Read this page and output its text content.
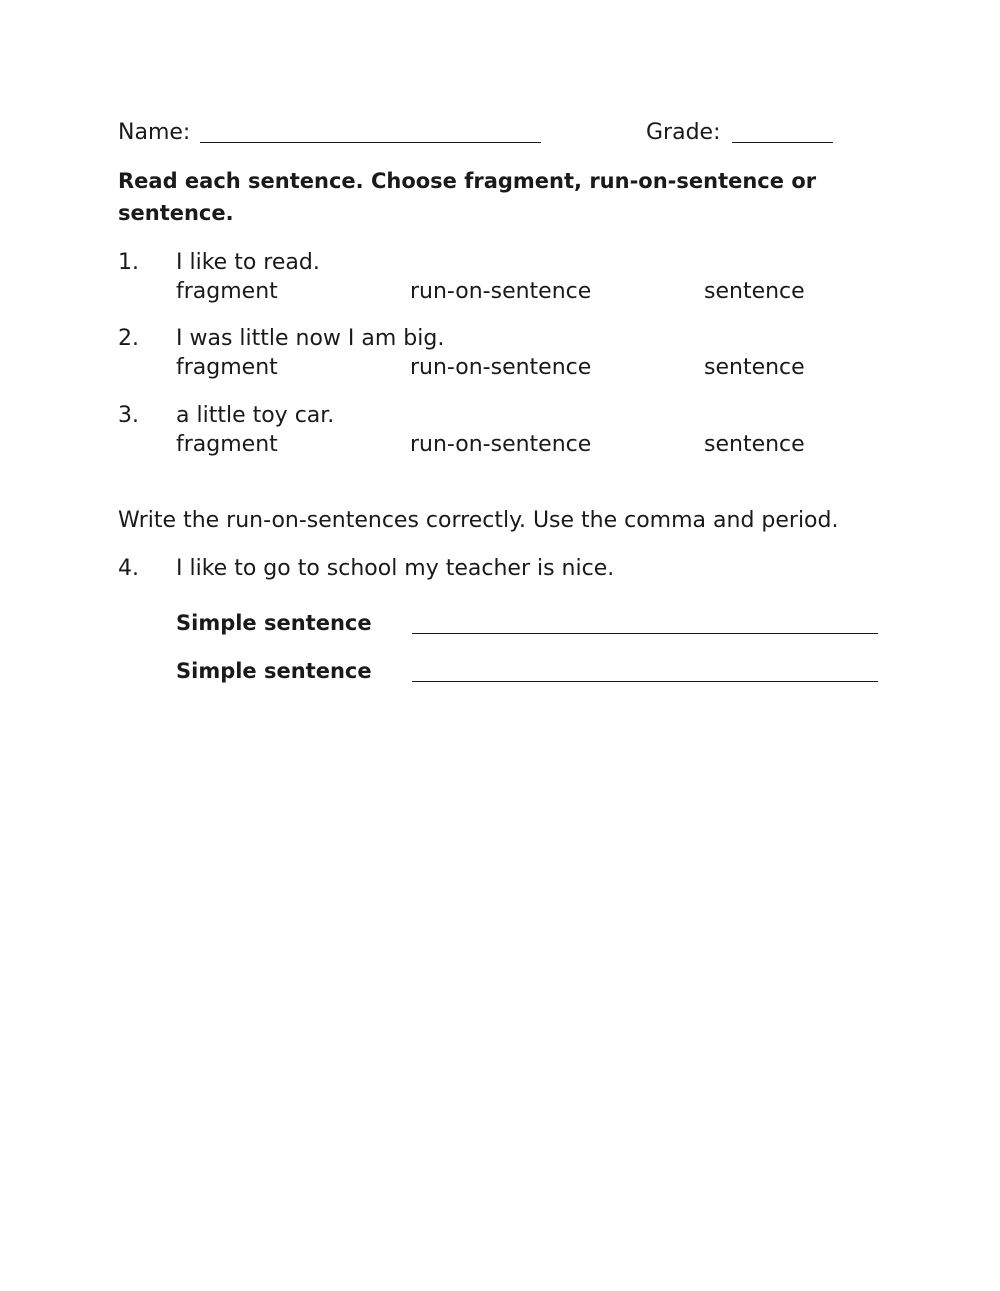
Name:	Grade:
Read each sentence. Choose fragment, run-on-sentence or
sentence.
1. I like to read.
fragment	run-on-sentence	sentence
2. I was little now I am big.
fragment	run-on-sentence	sentence
3. a little toy car.
fragment	run-on-sentence	sentence
Write the run-on-sentences correctly. Use the comma and period.
4. I like to go to school my teacher is nice.
Simple sentence
Simple sentence
